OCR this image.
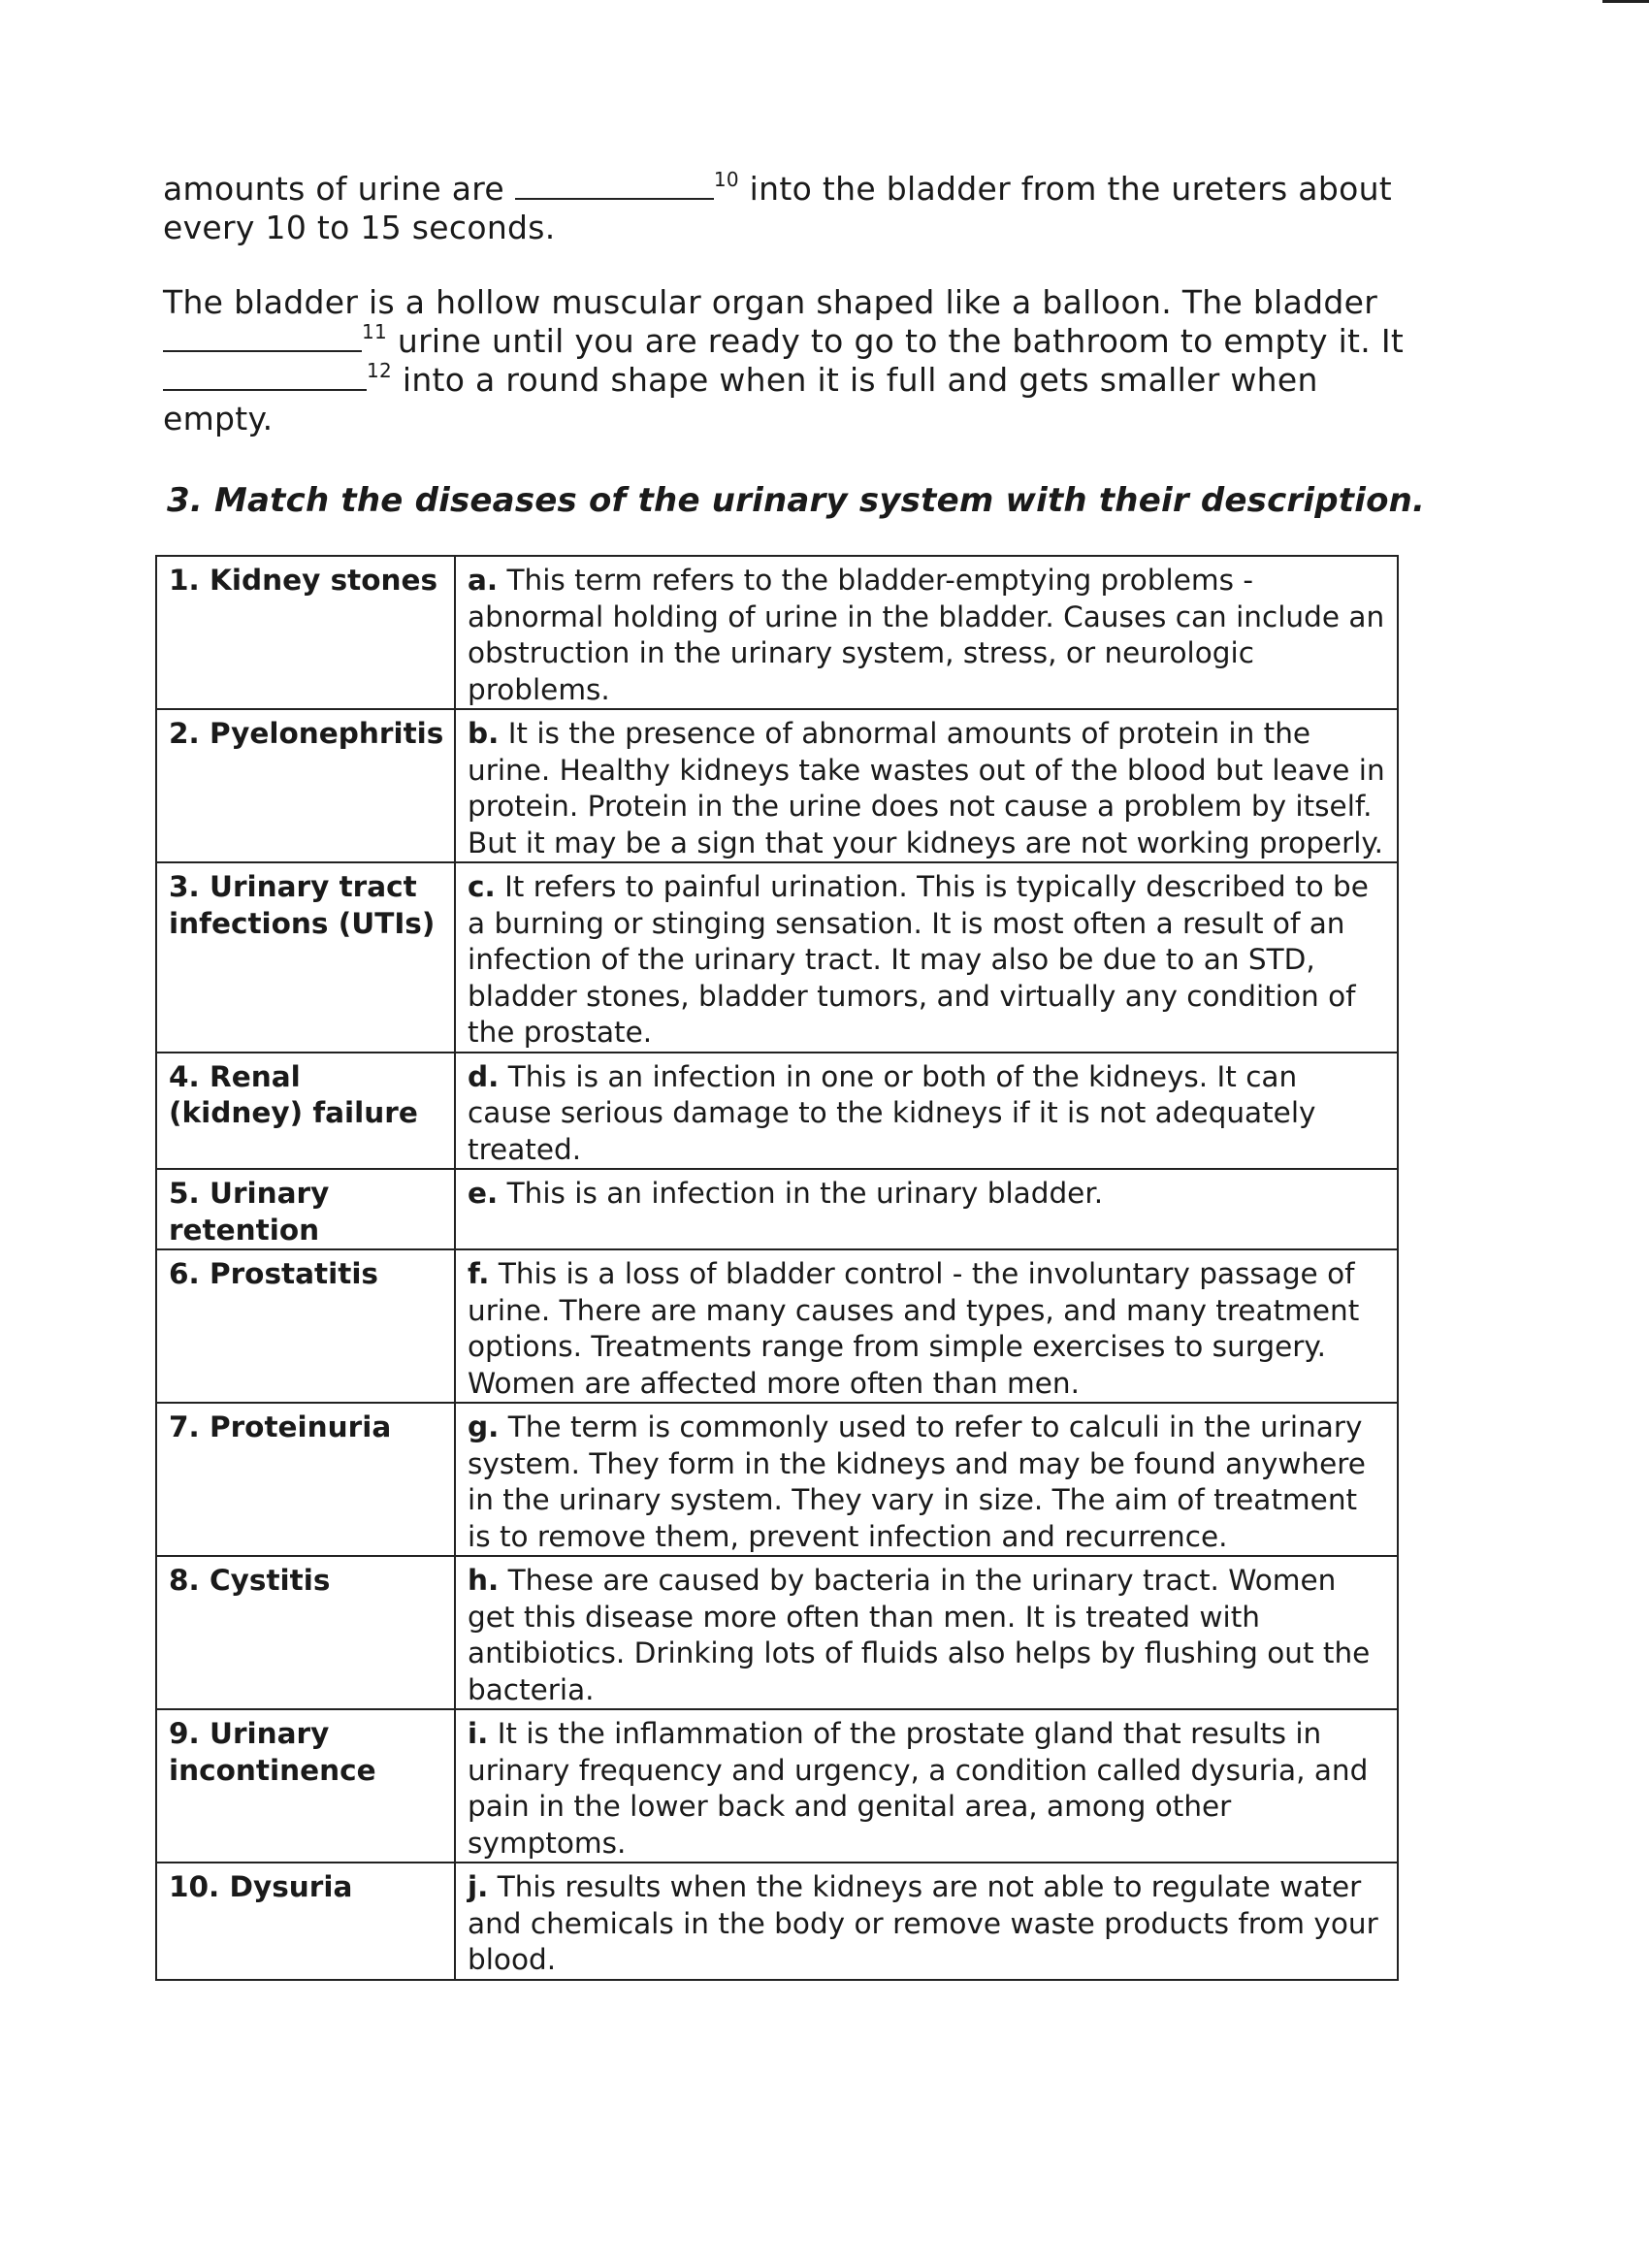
amounts of urine are	$^{10}$ into the bladder from the ureters about every 10 to 15 seconds.

The bladder is a hollow muscular organ shaped like a balloon. The bladder $^{11}$ urine until you are ready to go to the bathroom to empty it. It $^{12}$ into a round shape when it is full and gets smaller when empty.

3. Match the diseases of the urinary system with their description.
1. Kidney stones	a. This term refers to the bladder-emptying problems - abnormal holding of urine in the bladder. Causes can include an obstruction in the urinary system, stress, or neurologic problems.
2. Pyelonephritis	b. It is the presence of abnormal amounts of protein in the urine. Healthy kidneys take wastes out of the blood but leave in protein. Protein in the urine does not cause a problem by itself. But it may be a sign that your kidneys are not working properly.
3. Urinary tract infections (UTIs)	c. It refers to painful urination. This is typically described to be a burning or stinging sensation. It is most often a result of an infection of the urinary tract. It may also be due to an STD, bladder stones, bladder tumors, and virtually any condition of the prostate.
4. Renal (kidney) failure	d. This is an infection in one or both of the kidneys. It can cause serious damage to the kidneys if it is not adequately treated.
5. Urinary retention	e. This is an infection in the urinary bladder.
6. Prostatitis	f. This is a loss of bladder control - the involuntary passage of urine. There are many causes and types, and many treatment options. Treatments range from simple exercises to surgery. Women are affected more often than men.
7. Proteinuria	g. The term is commonly used to refer to calculi in the urinary system. They form in the kidneys and may be found anywhere in the urinary system. They vary in size. The aim of treatment is to remove them, prevent infection and recurrence.
8. Cystitis	h. These are caused by bacteria in the urinary tract. Women get this disease more often than men. It is treated with antibiotics. Drinking lots of fluids also helps by flushing out the bacteria.
9. Urinary incontinence	i. It is the inflammation of the prostate gland that results in urinary frequency and urgency, a condition called dysuria, and pain in the lower back and genital area, among other symptoms.
10. Dysuria	j. This results when the kidneys are not able to regulate water and chemicals in the body or remove waste products from your blood.
